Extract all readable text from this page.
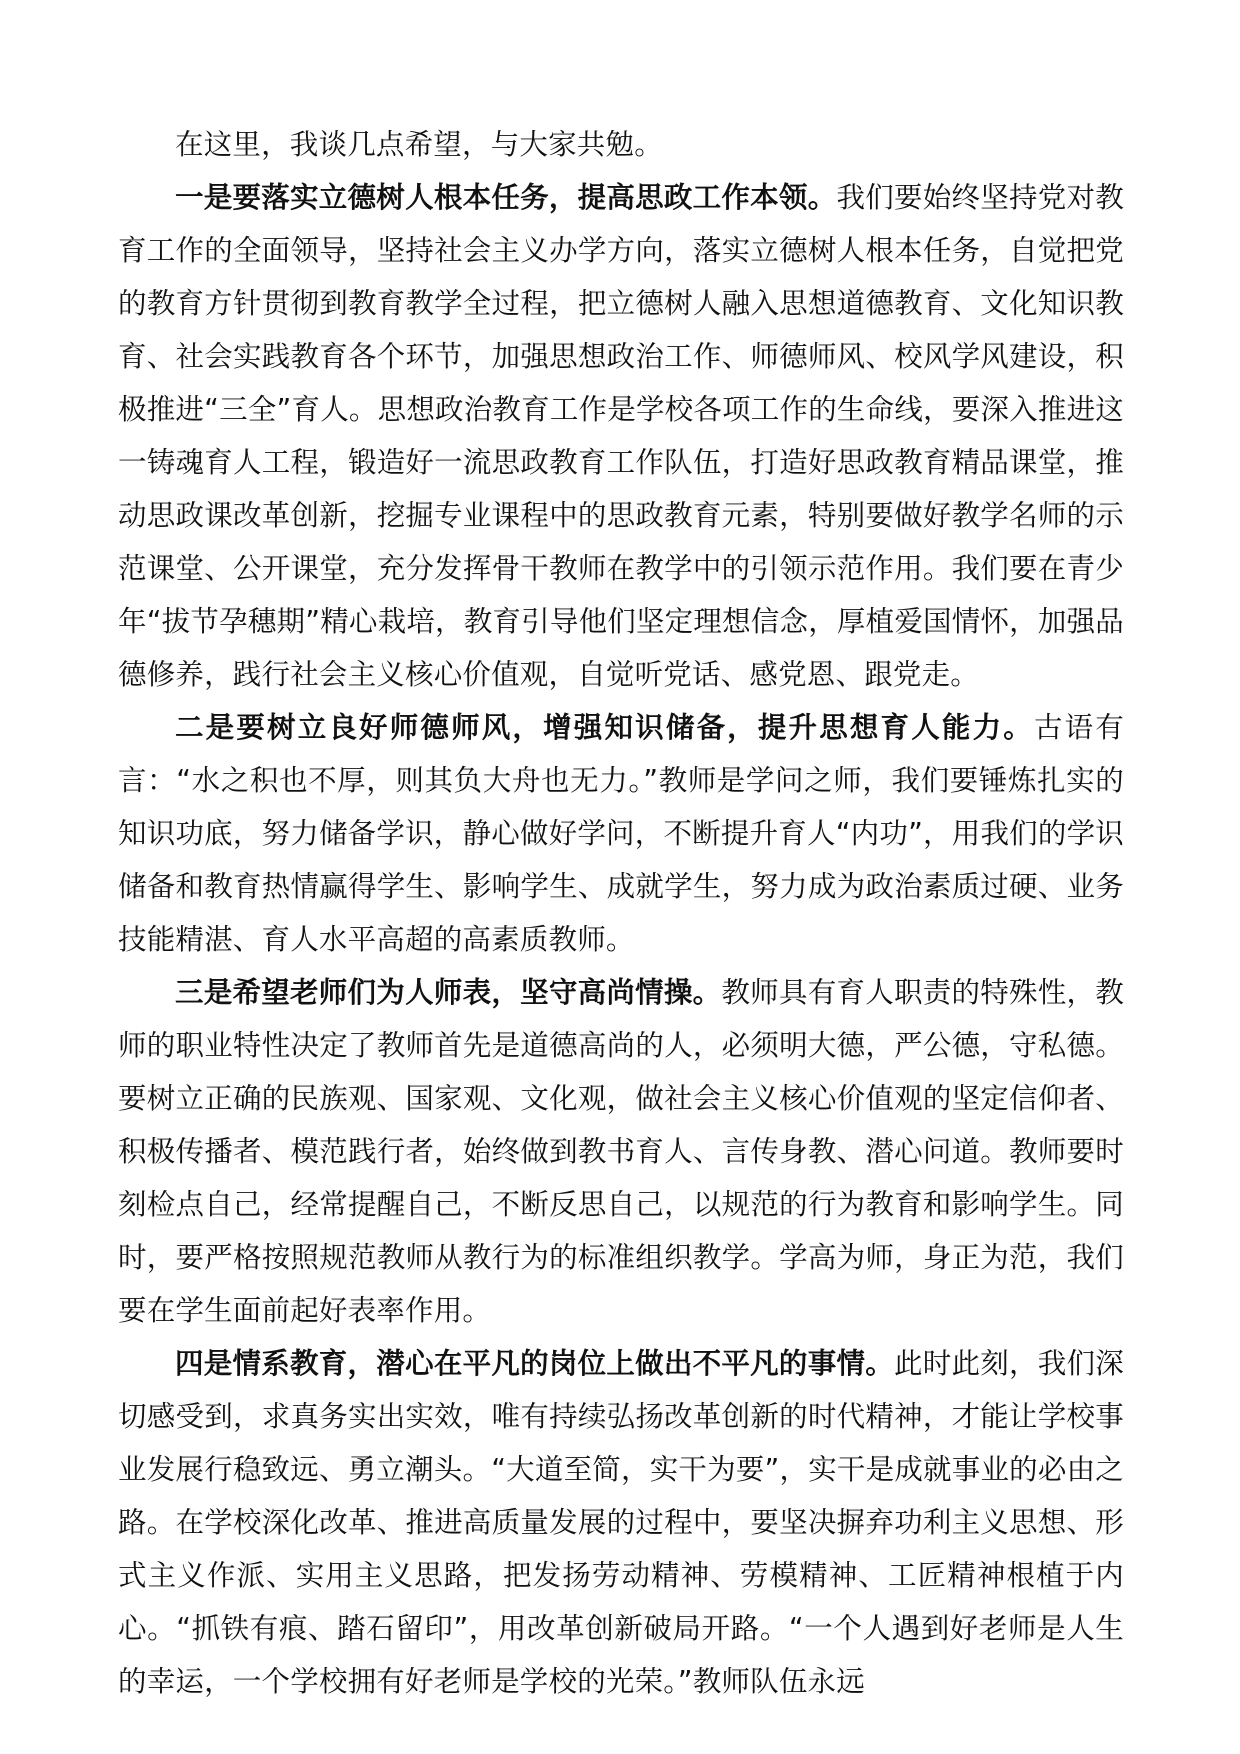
在这里，我谈几点希望，与大家共勉。

一是要落实立德树人根本任务，提高思政工作本领。我们要始终坚持党对教育工作的全面领导，坚持社会主义办学方向，落实立德树人根本任务，自觉把党的教育方针贯彻到教育教学全过程，把立德树人融入思想道德教育、文化知识教育、社会实践教育各个环节，加强思想政治工作、师德师风、校风学风建设，积极推进“三全”育人。思想政治教育工作是学校各项工作的生命线，要深入推进这一铸魂育人工程，锻造好一流思政教育工作队伍，打造好思政教育精品课堂，推动思政课改革创新，挖掘专业课程中的思政教育元素，特别要做好教学名师的示范课堂、公开课堂，充分发挥骨干教师在教学中的引领示范作用。我们要在青少年“拔节孕穗期”精心栽培，教育引导他们坚定理想信念，厚植爱国情怀，加强品德修养，践行社会主义核心价值观，自觉听党话、感党恩、跟党走。

二是要树立良好师德师风，增强知识储备，提升思想育人能力。古语有言：“水之积也不厚，则其负大舟也无力。”教师是学问之师，我们要锤炼扎实的知识功底，努力储备学识，静心做好学问，不断提升育人“内功”，用我们的学识储备和教育热情赢得学生、影响学生、成就学生，努力成为政治素质过硬、业务技能精湛、育人水平高超的高素质教师。

三是希望老师们为人师表，坚守高尚情操。教师具有育人职责的特殊性，教师的职业特性决定了教师首先是道德高尚的人，必须明大德，严公德，守私德。要树立正确的民族观、国家观、文化观，做社会主义核心价值观的坚定信仰者、积极传播者、模范践行者，始终做到教书育人、言传身教、潜心问道。教师要时刻检点自己，经常提醒自己，不断反思自己，以规范的行为教育和影响学生。同时，要严格按照规范教师从教行为的标准组织教学。学高为师，身正为范，我们要在学生面前起好表率作用。

四是情系教育，潜心在平凡的岗位上做出不平凡的事情。此时此刻，我们深切感受到，求真务实出实效，唯有持续弘扬改革创新的时代精神，才能让学校事业发展行稳致远、勇立潮头。“大道至简，实干为要”，实干是成就事业的必由之路。在学校深化改革、推进高质量发展的过程中，要坚决摒弃功利主义思想、形式主义作派、实用主义思路，把发扬劳动精神、劳模精神、工匠精神根植于内心。“抓铁有痕、踏石留印”，用改革创新破局开路。“一个人遇到好老师是人生的幸运，一个学校拥有好老师是学校的光荣。”教师队伍永远
